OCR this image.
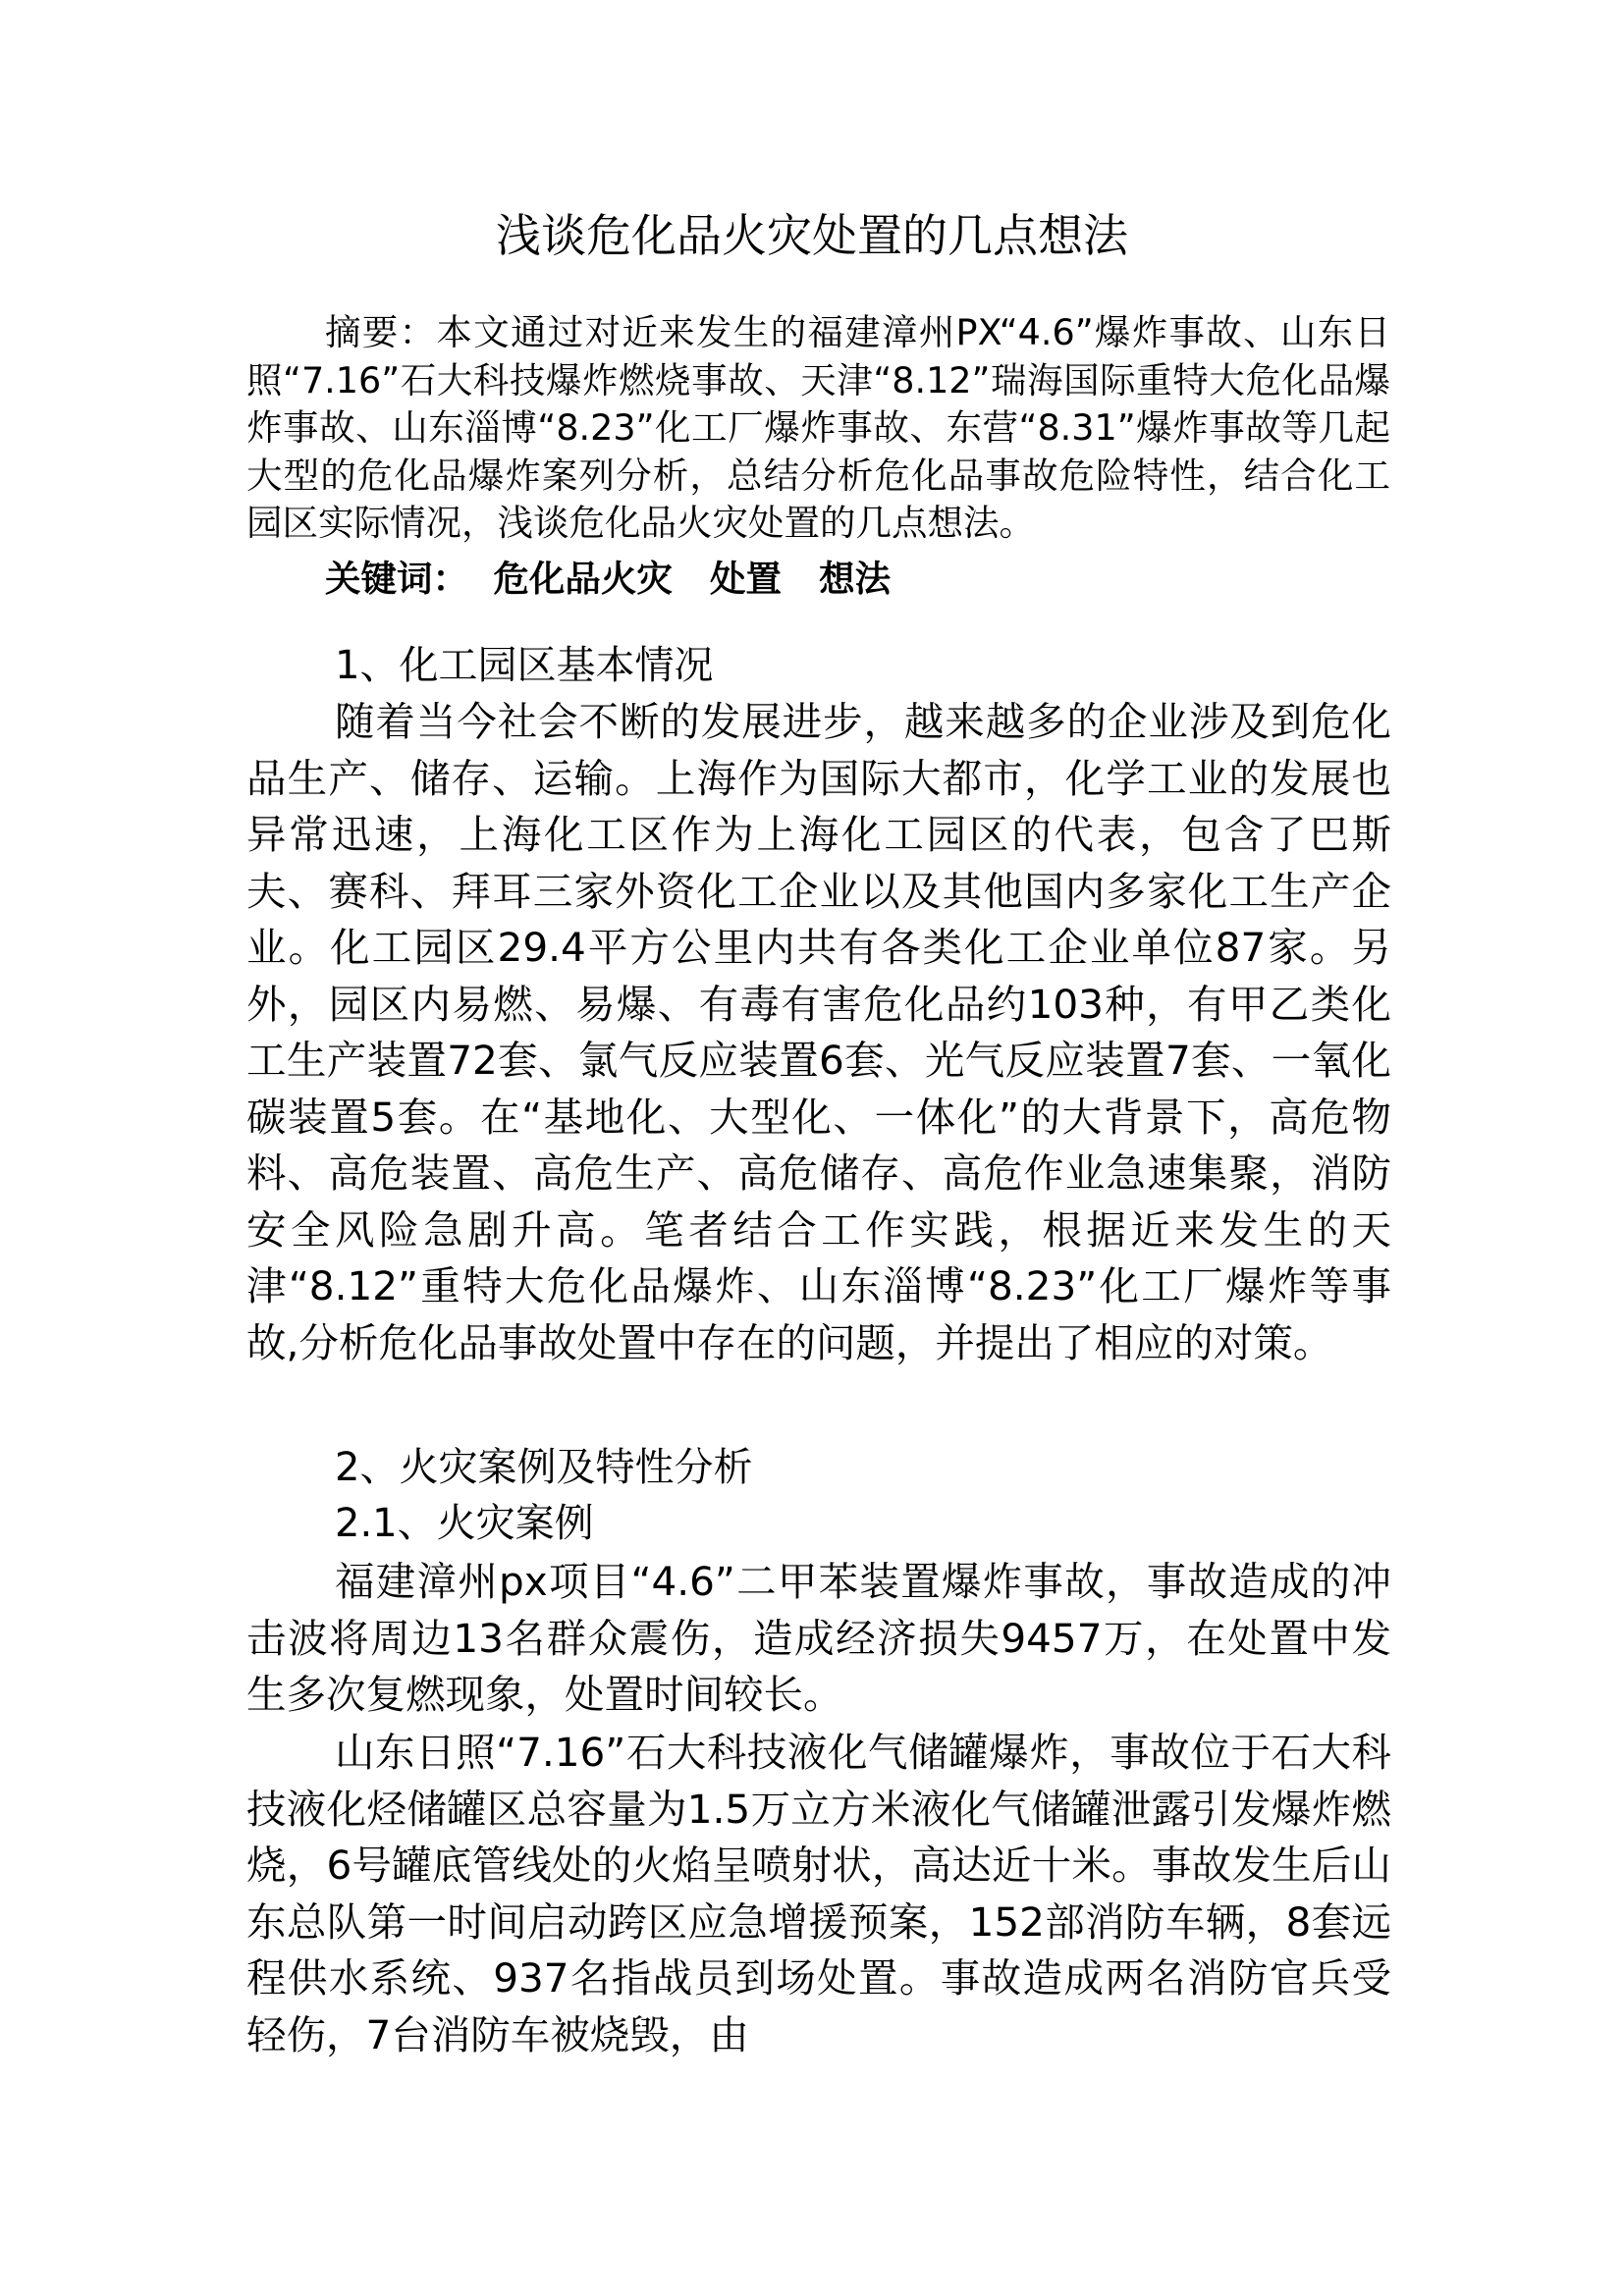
浅谈危化品火灾处置的几点想法

摘要：本文通过对近来发生的福建漳州PX“4.6”爆炸事故、山东日照“7.16”石大科技爆炸燃烧事故、天津“8.12”瑞海国际重特大危化品爆炸事故、山东淄博“8.23”化工厂爆炸事故、东营“8.31”爆炸事故等几起大型的危化品爆炸案列分析，总结分析危化品事故危险特性，结合化工园区实际情况，浅谈危化品火灾处置的几点想法。

关键词：  危化品火灾   处置   想法

1、化工园区基本情况

随着当今社会不断的发展进步，越来越多的企业涉及到危化品生产、储存、运输。上海作为国际大都市，化学工业的发展也异常迅速，上海化工区作为上海化工园区的代表，包含了巴斯夫、赛科、拜耳三家外资化工企业以及其他国内多家化工生产企业。化工园区29.4平方公里内共有各类化工企业单位87家。另外，园区内易燃、易爆、有毒有害危化品约103种，有甲乙类化工生产装置72套、氯气反应装置6套、光气反应装置7套、一氧化碳装置5套。在“基地化、大型化、一体化”的大背景下，高危物料、高危装置、高危生产、高危储存、高危作业急速集聚，消防安全风险急剧升高。笔者结合工作实践，根据近来发生的天津“8.12”重特大危化品爆炸、山东淄博“8.23”化工厂爆炸等事故,分析危化品事故处置中存在的问题，并提出了相应的对策。

2、火灾案例及特性分析

2.1、火灾案例

福建漳州px项目“4.6”二甲苯装置爆炸事故，事故造成的冲击波将周边13名群众震伤，造成经济损失9457万，在处置中发生多次复燃现象，处置时间较长。

山东日照“7.16”石大科技液化气储罐爆炸，事故位于石大科技液化烃储罐区总容量为1.5万立方米液化气储罐泄露引发爆炸燃烧，6号罐底管线处的火焰呈喷射状，高达近十米。事故发生后山东总队第一时间启动跨区应急增援预案，152部消防车辆，8套远程供水系统、937名指战员到场处置。事故造成两名消防官兵受轻伤，7台消防车被烧毁，由
